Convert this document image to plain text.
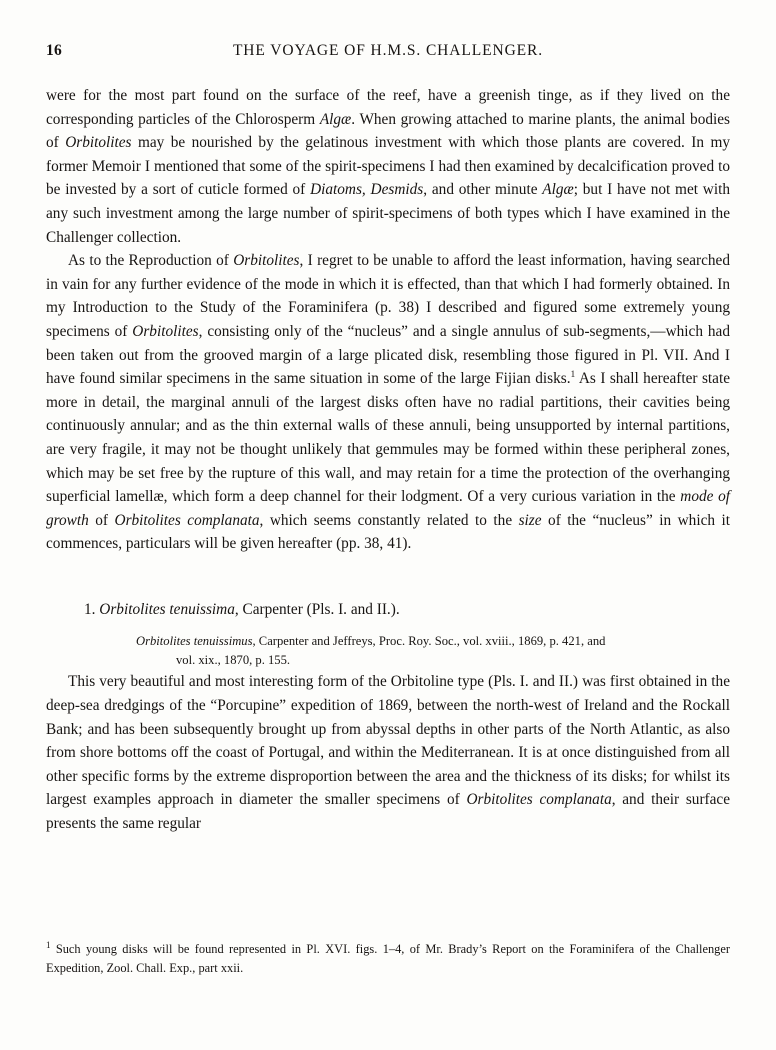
16	THE VOYAGE OF H.M.S. CHALLENGER.

were for the most part found on the surface of the reef, have a greenish tinge, as if they lived on the corresponding particles of the Chlorosperm Algæ. When growing attached to marine plants, the animal bodies of Orbitolites may be nourished by the gelatinous investment with which those plants are covered. In my former Memoir I mentioned that some of the spirit-specimens I had then examined by decalcification proved to be invested by a sort of cuticle formed of Diatoms, Desmids, and other minute Algæ; but I have not met with any such investment among the large number of spirit-specimens of both types which I have examined in the Challenger collection.

As to the Reproduction of Orbitolites, I regret to be unable to afford the least information, having searched in vain for any further evidence of the mode in which it is effected, than that which I had formerly obtained. In my Introduction to the Study of the Foraminifera (p. 38) I described and figured some extremely young specimens of Orbitolites, consisting only of the “nucleus” and a single annulus of sub-segments,—which had been taken out from the grooved margin of a large plicated disk, resembling those figured in Pl. VII. And I have found similar specimens in the same situation in some of the large Fijian disks.$^1$ As I shall hereafter state more in detail, the marginal annuli of the largest disks often have no radial partitions, their cavities being continuously annular; and as the thin external walls of these annuli, being unsupported by internal partitions, are very fragile, it may not be thought unlikely that gemmules may be formed within these peripheral zones, which may be set free by the rupture of this wall, and may retain for a time the protection of the overhanging superficial lamellæ, which form a deep channel for their lodgment. Of a very curious variation in the mode of growth of Orbitolites complanata, which seems constantly related to the size of the “nucleus” in which it commences, particulars will be given hereafter (pp. 38, 41).

1. Orbitolites tenuissima, Carpenter (Pls. I. and II.).
Orbitolites tenuissimus, Carpenter and Jeffreys, Proc. Roy. Soc., vol. xviii., 1869, p. 421, and
vol. xix., 1870, p. 155.

This very beautiful and most interesting form of the Orbitoline type (Pls. I. and II.) was first obtained in the deep-sea dredgings of the “Porcupine” expedition of 1869, between the north-west of Ireland and the Rockall Bank; and has been subsequently brought up from abyssal depths in other parts of the North Atlantic, as also from shore bottoms off the coast of Portugal, and within the Mediterranean. It is at once distinguished from all other specific forms by the extreme disproportion between the area and the thickness of its disks; for whilst its largest examples approach in diameter the smaller specimens of Orbitolites complanata, and their surface presents the same regular

$^1$ Such young disks will be found represented in Pl. XVI. figs. 1–4, of Mr. Brady’s Report on the Foraminifera of the Challenger Expedition, Zool. Chall. Exp., part xxii.
